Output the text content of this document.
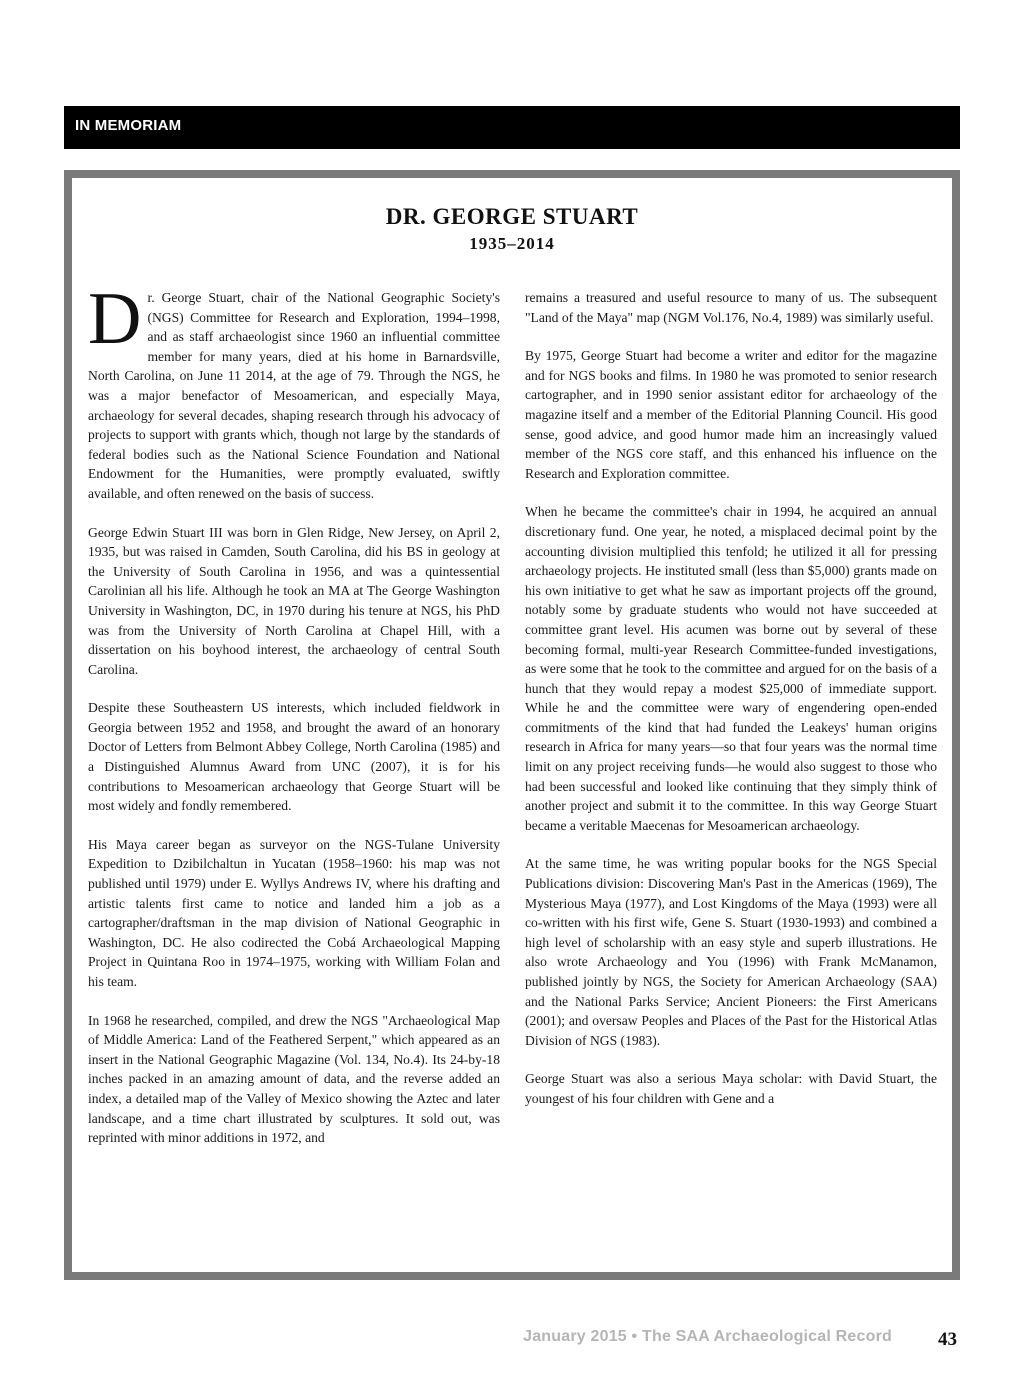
IN MEMORIAM
DR. GEORGE STUART
1935–2014

Dr. George Stuart, chair of the National Geographic Society's (NGS) Committee for Research and Exploration, 1994–1998, and as staff archaeologist since 1960 an influential committee member for many years, died at his home in Barnardsville, North Carolina, on June 11 2014, at the age of 79. Through the NGS, he was a major benefactor of Mesoamerican, and especially Maya, archaeology for several decades, shaping research through his advocacy of projects to support with grants which, though not large by the standards of federal bodies such as the National Science Foundation and National Endowment for the Humanities, were promptly evaluated, swiftly available, and often renewed on the basis of success.

George Edwin Stuart III was born in Glen Ridge, New Jersey, on April 2, 1935, but was raised in Camden, South Carolina, did his BS in geology at the University of South Carolina in 1956, and was a quintessential Carolinian all his life. Although he took an MA at The George Washington University in Washington, DC, in 1970 during his tenure at NGS, his PhD was from the University of North Carolina at Chapel Hill, with a dissertation on his boyhood interest, the archaeology of central South Carolina.

Despite these Southeastern US interests, which included fieldwork in Georgia between 1952 and 1958, and brought the award of an honorary Doctor of Letters from Belmont Abbey College, North Carolina (1985) and a Distinguished Alumnus Award from UNC (2007), it is for his contributions to Mesoamerican archaeology that George Stuart will be most widely and fondly remembered.

His Maya career began as surveyor on the NGS-Tulane University Expedition to Dzibilchaltun in Yucatan (1958–1960: his map was not published until 1979) under E. Wyllys Andrews IV, where his drafting and artistic talents first came to notice and landed him a job as a cartographer/draftsman in the map division of National Geographic in Washington, DC. He also codirected the Cobá Archaeological Mapping Project in Quintana Roo in 1974–1975, working with William Folan and his team.

In 1968 he researched, compiled, and drew the NGS "Archaeological Map of Middle America: Land of the Feathered Serpent," which appeared as an insert in the National Geographic Magazine (Vol. 134, No.4). Its 24-by-18 inches packed in an amazing amount of data, and the reverse added an index, a detailed map of the Valley of Mexico showing the Aztec and later landscape, and a time chart illustrated by sculptures. It sold out, was reprinted with minor additions in 1972, and

remains a treasured and useful resource to many of us. The subsequent "Land of the Maya" map (NGM Vol.176, No.4, 1989) was similarly useful.

By 1975, George Stuart had become a writer and editor for the magazine and for NGS books and films. In 1980 he was promoted to senior research cartographer, and in 1990 senior assistant editor for archaeology of the magazine itself and a member of the Editorial Planning Council. His good sense, good advice, and good humor made him an increasingly valued member of the NGS core staff, and this enhanced his influence on the Research and Exploration committee.

When he became the committee's chair in 1994, he acquired an annual discretionary fund. One year, he noted, a misplaced decimal point by the accounting division multiplied this tenfold; he utilized it all for pressing archaeology projects. He instituted small (less than $5,000) grants made on his own initiative to get what he saw as important projects off the ground, notably some by graduate students who would not have succeeded at committee grant level. His acumen was borne out by several of these becoming formal, multi-year Research Committee-funded investigations, as were some that he took to the committee and argued for on the basis of a hunch that they would repay a modest $25,000 of immediate support. While he and the committee were wary of engendering open-ended commitments of the kind that had funded the Leakeys' human origins research in Africa for many years—so that four years was the normal time limit on any project receiving funds—he would also suggest to those who had been successful and looked like continuing that they simply think of another project and submit it to the committee. In this way George Stuart became a veritable Maecenas for Mesoamerican archaeology.

At the same time, he was writing popular books for the NGS Special Publications division: Discovering Man's Past in the Americas (1969), The Mysterious Maya (1977), and Lost Kingdoms of the Maya (1993) were all co-written with his first wife, Gene S. Stuart (1930-1993) and combined a high level of scholarship with an easy style and superb illustrations. He also wrote Archaeology and You (1996) with Frank McManamon, published jointly by NGS, the Society for American Archaeology (SAA) and the National Parks Service; Ancient Pioneers: the First Americans (2001); and oversaw Peoples and Places of the Past for the Historical Atlas Division of NGS (1983).

George Stuart was also a serious Maya scholar: with David Stuart, the youngest of his four children with Gene and a

January 2015 • The SAA Archaeological Record 43
